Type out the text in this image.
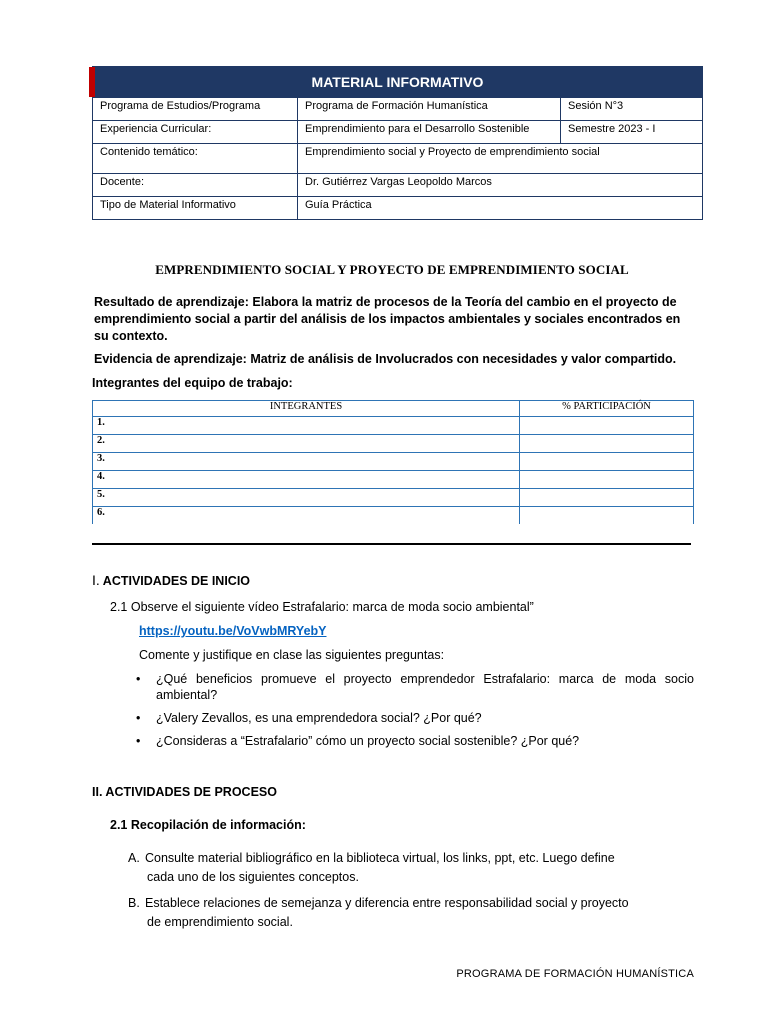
MATERIAL INFORMATIVO		
Programa de Estudios/Programa	Programa de Formación Humanística	Sesión N°3
Experiencia Curricular:	Emprendimiento para el Desarrollo Sostenible	Semestre 2023 - I
Contenido temático:	Emprendimiento social y Proyecto de emprendimiento social	
Docente:	Dr. Gutiérrez Vargas Leopoldo Marcos	
Tipo de Material Informativo	Guía Práctica	
EMPRENDIMIENTO SOCIAL Y PROYECTO DE EMPRENDIMIENTO SOCIAL
Resultado de aprendizaje: Elabora la matriz de procesos de la Teoría del cambio en el proyecto de emprendimiento social a partir del análisis de los impactos ambientales y sociales encontrados en su contexto.
Evidencia de aprendizaje: Matriz de análisis de Involucrados con necesidades y valor compartido.
Integrantes del equipo de trabajo:
INTEGRANTES	% PARTICIPACIÓN
1.	
2.	
3.	
4.	
5.	
6.	
I. ACTIVIDADES DE INICIO
2.1 Observe el siguiente vídeo Estrafalario: marca de moda socio ambiental”
https://youtu.be/VoVwbMRYebY
Comente y justifique en clase las siguientes preguntas:
• ¿Qué beneficios promueve el proyecto emprendedor Estrafalario: marca de moda socio ambiental?
• ¿Valery Zevallos, es una emprendedora social? ¿Por qué?
• ¿Consideras a “Estrafalario” cómo un proyecto social sostenible? ¿Por qué?
II. ACTIVIDADES DE PROCESO
2.1 Recopilación de información:
A. Consulte material bibliográfico en la biblioteca virtual, los links, ppt, etc. Luego define
cada uno de los siguientes conceptos.
B. Establece relaciones de semejanza y diferencia entre responsabilidad social y proyecto
de emprendimiento social.
PROGRAMA DE FORMACIÓN HUMANÍSTICA
